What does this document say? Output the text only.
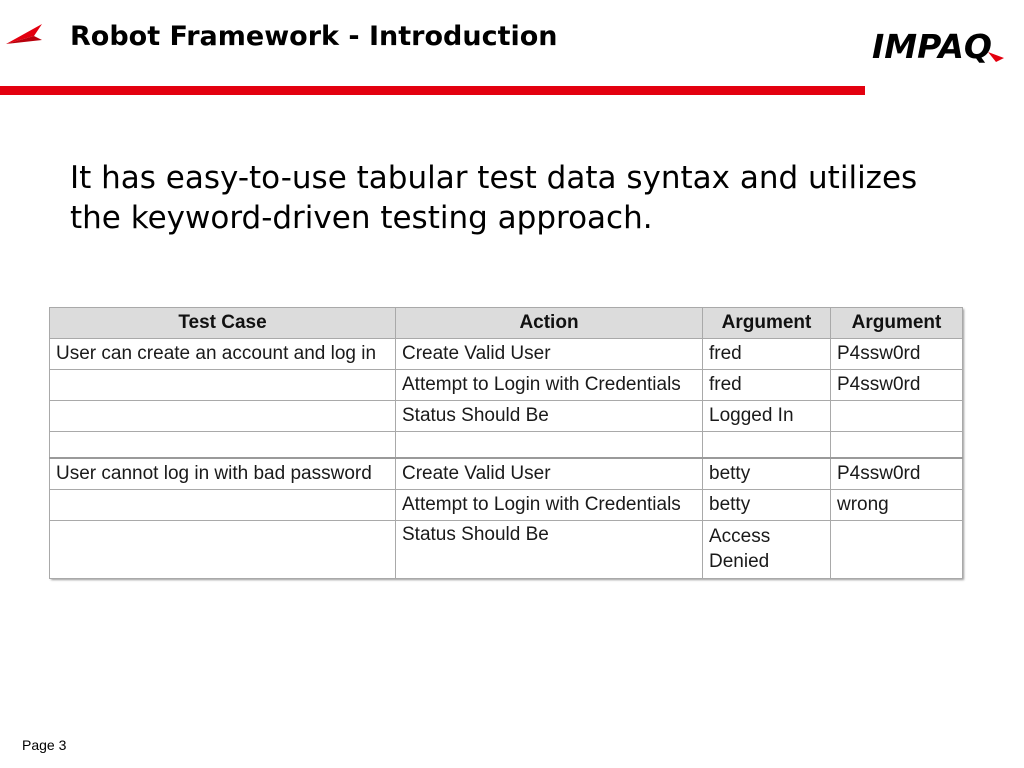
Robot Framework - Introduction	IMPAQ
It has easy-to-use tabular test data syntax and utilizes the keyword-driven testing approach.
Test Case	Action	Argument	Argument
User can create an account and log in	Create Valid User	fred	P4ssw0rd
	Attempt to Login with Credentials	fred	P4ssw0rd
	Status Should Be	Logged In	

User cannot log in with bad password	Create Valid User	betty	P4ssw0rd
	Attempt to Login with Credentials	betty	wrong
	Status Should Be	Access Denied	
Page 3
